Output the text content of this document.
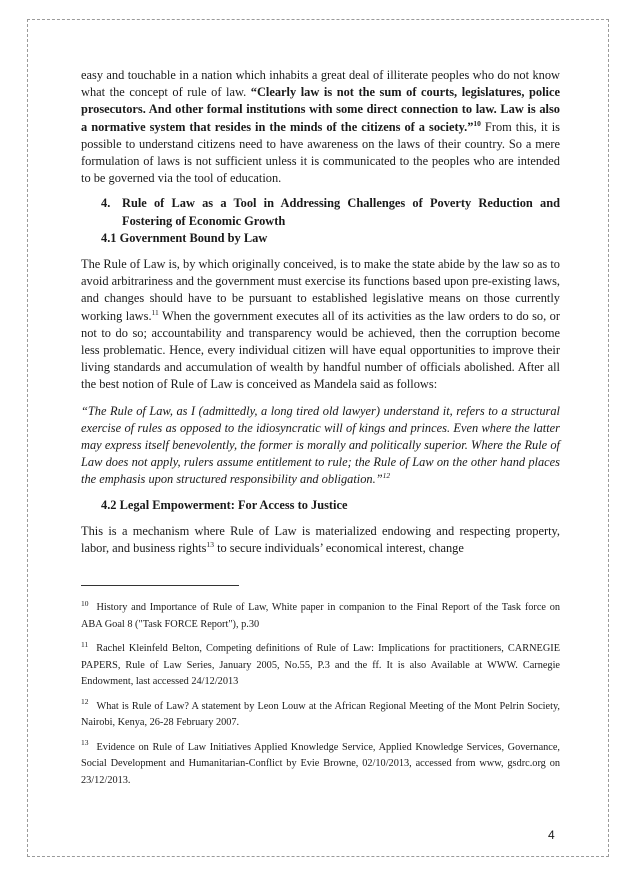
easy and touchable in a nation which inhabits a great deal of illiterate peoples who do not know what the concept of rule of law. “Clearly law is not the sum of courts, legislatures, police prosecutors. And other formal institutions with some direct connection to law. Law is also a normative system that resides in the minds of the citizens of a society.”$^{10}$ From this, it is possible to understand citizens need to have awareness on the laws of their country. So a mere formulation of laws is not sufficient unless it is communicated to the peoples who are intended to be governed via the tool of education.

4. Rule of Law as a Tool in Addressing Challenges of Poverty Reduction and Fostering of Economic Growth
4.1 Government Bound by Law

The Rule of Law is, by which originally conceived, is to make the state abide by the law so as to avoid arbitrariness and the government must exercise its functions based upon pre-existing laws, and changes should have to be pursuant to established legislative means on those currently working laws.$^{11}$ When the government executes all of its activities as the law orders to do so, or not to do so; accountability and transparency would be achieved, then the corruption become less problematic. Hence, every individual citizen will have equal opportunities to improve their living standards and accumulation of wealth by handful number of officials abolished. After all the best notion of Rule of Law is conceived as Mandela said as follows:

“The Rule of Law, as I (admittedly, a long tired old lawyer) understand it, refers to a structural exercise of rules as opposed to the idiosyncratic will of kings and princes. Even where the latter may express itself benevolently, the former is morally and politically superior. Where the Rule of Law does not apply, rulers assume entitlement to rule; the Rule of Law on the other hand places the emphasis upon structured responsibility and obligation.”$^{12}$

4.2 Legal Empowerment: For Access to Justice

This is a mechanism where Rule of Law is materialized endowing and respecting property, labor, and business rights$^{13}$ to secure individuals’ economical interest, change

$^{10}$ History and Importance of Rule of Law, White paper in companion to the Final Report of the Task force on ABA Goal 8 ("Task FORCE Report"), p.30

$^{11}$ Rachel Kleinfeld Belton, Competing definitions of Rule of Law: Implications for practitioners, CARNEGIE PAPERS, Rule of Law Series, January 2005, No.55, P.3 and the ff. It is also Available at WWW. Carnegie Endowment, last accessed 24/12/2013

$^{12}$ What is Rule of Law? A statement by Leon Louw at the African Regional Meeting of the Mont Pelrin Society, Nairobi, Kenya, 26-28 February 2007.

$^{13}$ Evidence on Rule of Law Initiatives Applied Knowledge Service, Applied Knowledge Services, Governance, Social Development and Humanitarian-Conflict by Evie Browne, 02/10/2013, accessed from www, gsdrc.org on 23/12/2013.

4
